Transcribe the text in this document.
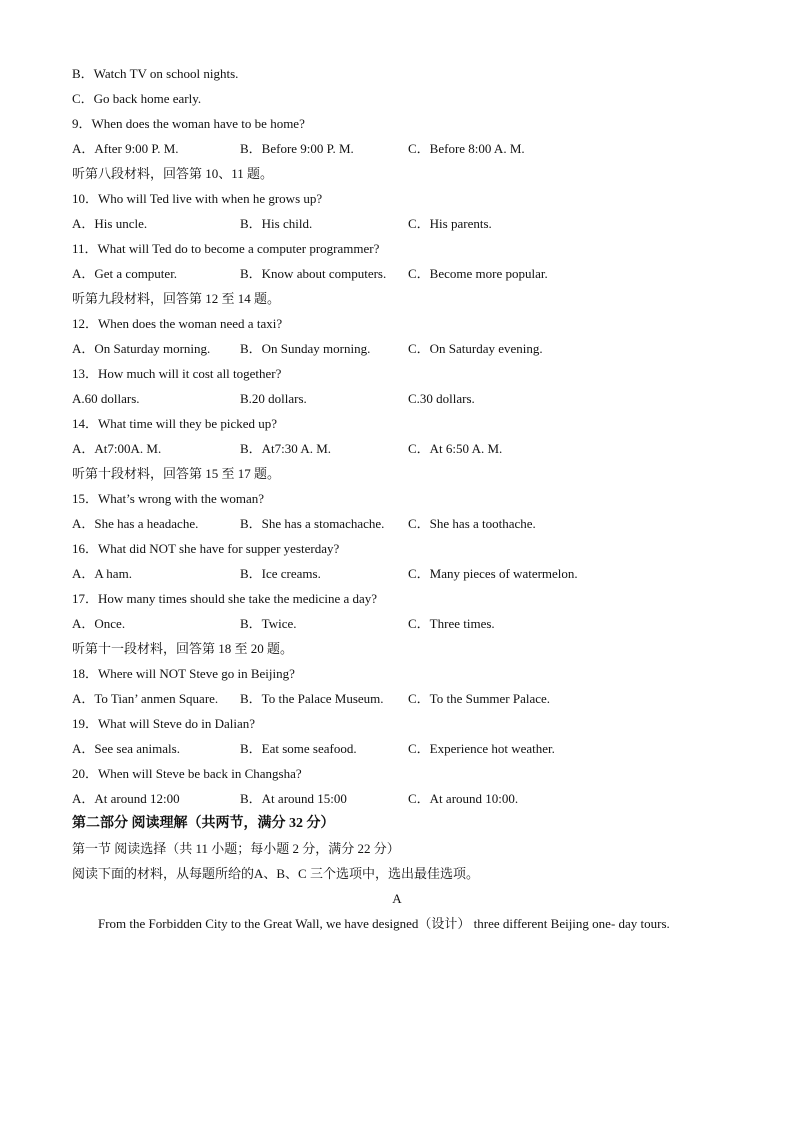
B．Watch TV on school nights.
C．Go back home early.
9．When does the woman have to be home?
A．After 9:00 P. M.	B．Before 9:00 P. M.	C．Before 8:00 A. M.
听第八段材料，回答第 10、11 题。
10．Who will Ted live with when he grows up?
A．His uncle.	B．His child.	C．His parents.
11．What will Ted do to become a computer programmer?
A．Get a computer.	B．Know about computers. C．Become more popular.
听第九段材料，回答第 12 至 14 题。
12．When does the woman need a taxi?
A．On Saturday morning. B．On Sunday morning.	C．On Saturday evening.
13．How much will it cost all together?
A.60 dollars.	B.20 dollars.	C.30 dollars.
14．What time will they be picked up?
A．At7:00A. M.	B．At7:30 A. M.	C．At 6:50 A. M.
听第十段材料，回答第 15 至 17 题。
15．What’s wrong with the woman?
A．She has a headache.	B．She has a stomachache. C．She has a toothache.
16．What did NOT she have for supper yesterday?
A．A ham.	B．Ice creams.	C．Many pieces of watermelon.
17．How many times should she take the medicine a day?
A．Once.	B．Twice.	C．Three times.
听第十一段材料，回答第 18 至 20 题。
18．Where will NOT Steve go in Beijing?
A．To Tian’ anmen Square. B．To the Palace Museum. C．To the Summer Palace.
19．What will Steve do in Dalian?
A．See sea animals.	B．Eat some seafood.	C．Experience hot weather.
20．When will Steve be back in Changsha?
A．At around 12:00	B．At around 15:00	C．At around 10:00.
第二部分 阅读理解（共两节，满分 32 分）
第一节 阅读选择（共 11 小题；每小题 2 分，满分 22 分）
阅读下面的材料，从每题所给的A、B、C 三个选项中，选出最佳选项。
A
From the Forbidden City to the Great Wall, we have designed（设计） three different Beijing one- day tours.
